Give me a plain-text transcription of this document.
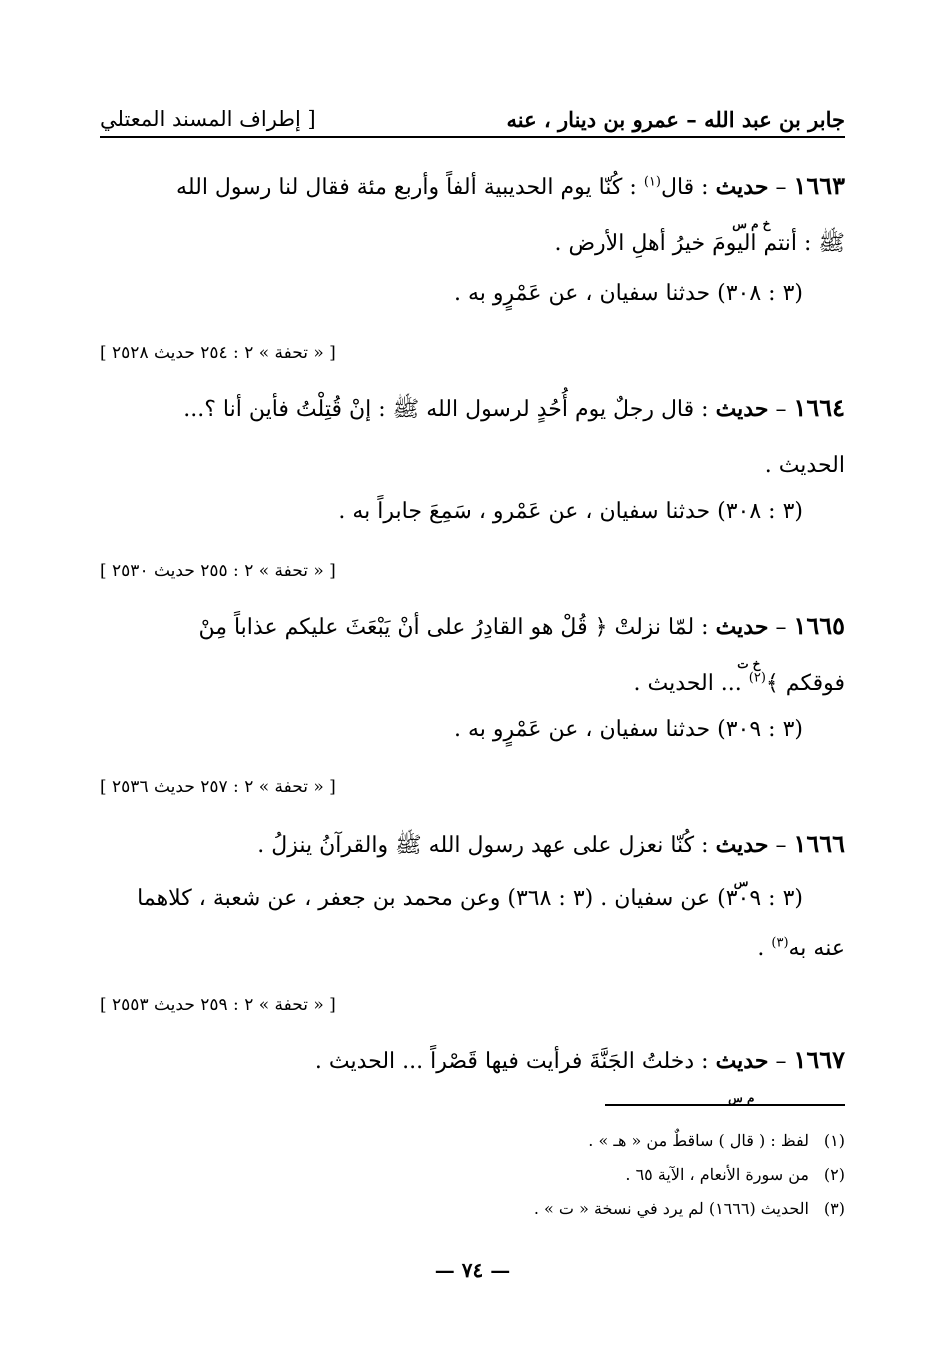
جابر بن عبد الله – عمرو بن دينار ، عنه
[ إطراف المسند المعتلي
١٦٦٣ – حديث
خ م س
: قال$^{(١)}$ : كُنّا يوم الحديبية ألفاً وأربع مئة فقال لنا رسول الله
ﷺ : أنتم اليومَ خيرُ أهلِ الأرض .
(٣ : ٣٠٨) حدثنا سفيان ، عن عَمْرٍو به .
[ « تحفة » ٢ : ٢٥٤ حديث ٢٥٢٨ ]
١٦٦٤ – حديث : قال رجلٌ يوم أُحُدٍ لرسول الله ﷺ : إنْ قُتِلْتُ فأين أنا ؟...
الحديث .
(٣ : ٣٠٨) حدثنا سفيان ، عن عَمْرو ، سَمِعَ جابراً به .
[ « تحفة » ٢ : ٢٥٥ حديث ٢٥٣٠ ]
١٦٦٥ – حديث
خ ت
: لمّا نزلتْ ﴿ قُلْ هو القادِرُ على أنْ يَبْعَثَ عليكم عذاباً مِنْ
فوقكم ﴾$^{(٢)}$ ... الحديث .
(٣ : ٣٠٩) حدثنا سفيان ، عن عَمْرٍو به .
[ « تحفة » ٢ : ٢٥٧ حديث ٢٥٣٦ ]
١٦٦٦ – حديث
س
: كُنّا نعزل على عهد رسول الله ﷺ والقرآنُ ينزلُ .
(٣ : ٣٠٩) عن سفيان . (٣ : ٣٦٨) وعن محمد بن جعفر ، عن شعبة ، كلاهما
عنه به$^{(٣)}$ .
[ « تحفة » ٢ : ٢٥٩ حديث ٢٥٥٣ ]
١٦٦٧ – حديث
م س
: دخلتُ الجَنَّةَ فرأيت فيها قَصْراً ... الحديث .
(١)لفظ : ( قال ) ساقطٌ من « هـ » .
(٢)من سورة الأنعام ، الآية ٦٥ .
(٣)الحديث (١٦٦٦) لم يرد في نسخة « ت » .
— ٧٤ —
